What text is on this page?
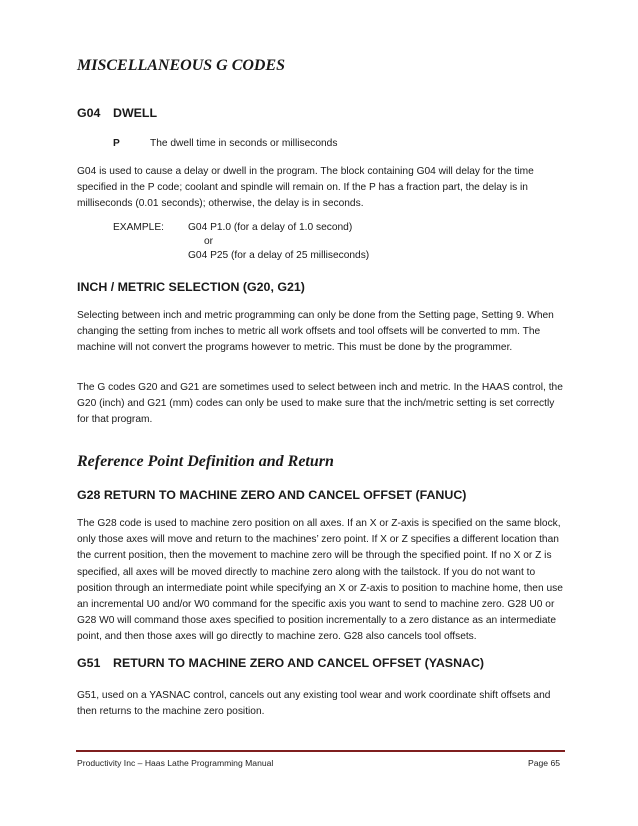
MISCELLANEOUS G CODES
G04 DWELL
P	The dwell time in seconds or milliseconds
G04 is used to cause a delay or dwell in the program. The block containing G04 will delay for the time specified in the P code; coolant and spindle will remain on. If the P has a fraction part, the delay is in milliseconds (0.01 seconds); otherwise, the delay is in seconds.
EXAMPLE: G04 P1.0 (for a delay of 1.0 second)
or
G04 P25 (for a delay of 25 milliseconds)
INCH / METRIC SELECTION (G20, G21)
Selecting between inch and metric programming can only be done from the Setting page, Setting 9. When changing the setting from inches to metric all work offsets and tool offsets will be converted to mm. The machine will not convert the programs however to metric. This must be done by the programmer.
The G codes G20 and G21 are sometimes used to select between inch and metric. In the HAAS control, the G20 (inch) and G21 (mm) codes can only be used to make sure that the inch/metric setting is set correctly for that program.
Reference Point Definition and Return
G28 RETURN TO MACHINE ZERO AND CANCEL OFFSET (FANUC)
The G28 code is used to machine zero position on all axes. If an X or Z-axis is specified on the same block, only those axes will move and return to the machines’ zero point. If X or Z specifies a different location than the current position, then the movement to machine zero will be through the specified point. If no X or Z is specified, all axes will be moved directly to machine zero along with the tailstock. If you do not want to position through an intermediate point while specifying an X or Z-axis to position to machine home, then use an incremental U0 and/or W0 command for the specific axis you want to send to machine zero. G28 U0 or G28 W0 will command those axes specified to position incrementally to a zero distance as an intermediate point, and then those axes will go directly to machine zero. G28 also cancels tool offsets.
G51 RETURN TO MACHINE ZERO AND CANCEL OFFSET (YASNAC)
G51, used on a YASNAC control, cancels out any existing tool wear and work coordinate shift offsets and then returns to the machine zero position.
Productivity Inc – Haas Lathe Programming Manual	Page 65
